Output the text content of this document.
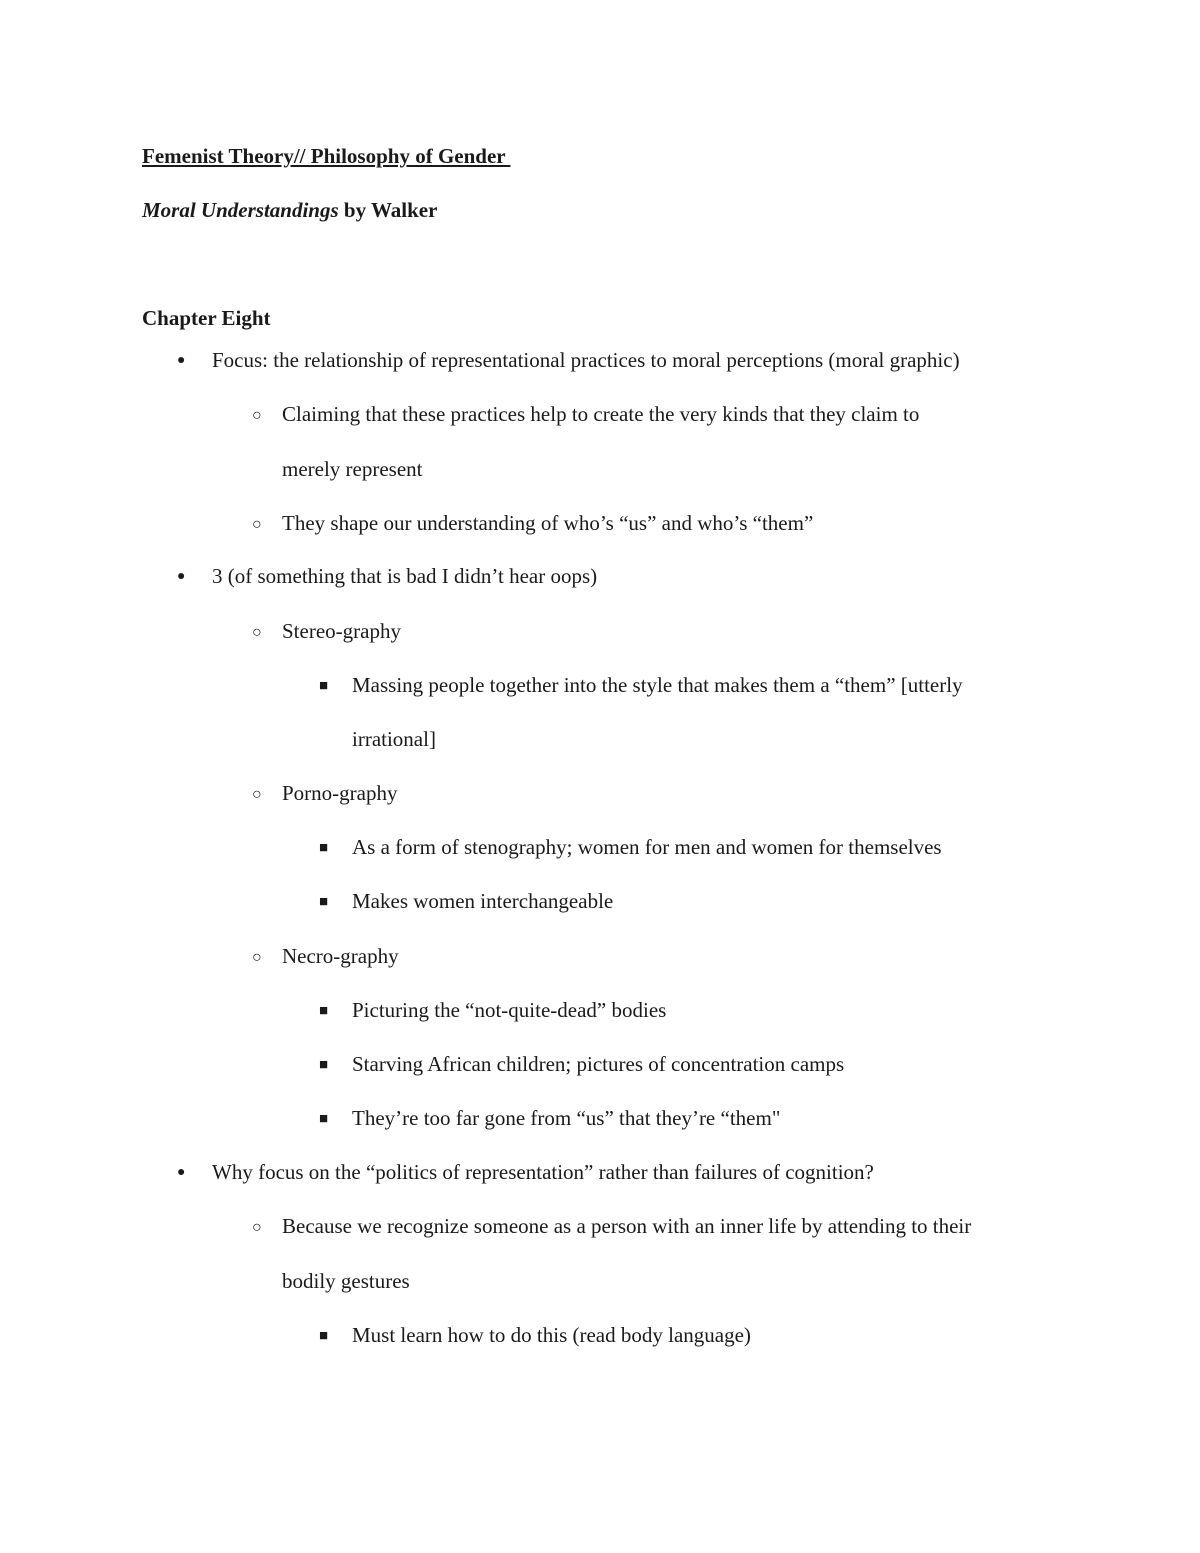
Femenist Theory// Philosophy of Gender
Moral Understandings by Walker
Chapter Eight
● Focus: the relationship of representational practices to moral perceptions (moral graphic)
○ Claiming that these practices help to create the very kinds that they claim to
merely represent
○ They shape our understanding of who’s “us” and who’s “them”
● 3 (of something that is bad I didn’t hear oops)
○ Stereo-graphy
■ Massing people together into the style that makes them a “them” [utterly
irrational]
○ Porno-graphy
■ As a form of stenography; women for men and women for themselves
■ Makes women interchangeable
○ Necro-graphy
■ Picturing the “not-quite-dead” bodies
■ Starving African children; pictures of concentration camps
■ They’re too far gone from “us” that they’re “them"
● Why focus on the “politics of representation” rather than failures of cognition?
○ Because we recognize someone as a person with an inner life by attending to their
bodily gestures
■ Must learn how to do this (read body language)
